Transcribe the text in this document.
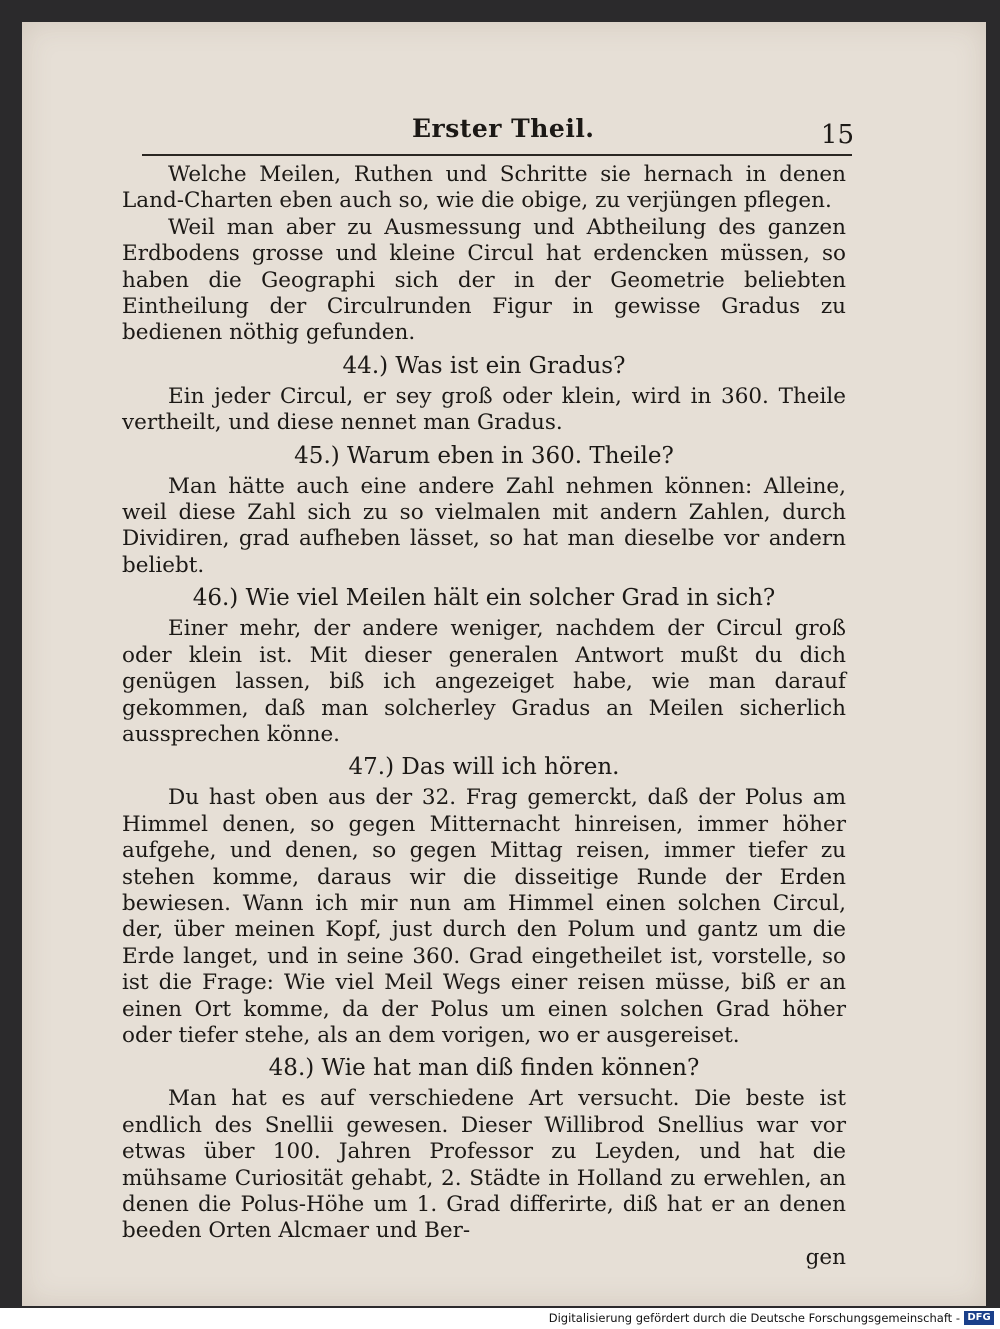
Erster Theil.	15

Welche Meilen, Ruthen und Schritte sie hernach in denen Land-Charten eben auch so, wie die obige, zu verjüngen pflegen.

Weil man aber zu Ausmessung und Abtheilung des ganzen Erdbodens grosse und kleine Circul hat erdencken müssen, so haben die Geographi sich der in der Geometrie beliebten Eintheilung der Circulrunden Figur in gewisse Gradus zu bedienen nöthig gefunden.

44.) Was ist ein Gradus?

Ein jeder Circul, er sey groß oder klein, wird in 360. Theile vertheilt, und diese nennet man Gradus.

45.) Warum eben in 360. Theile?

Man hätte auch eine andere Zahl nehmen können: Alleine, weil diese Zahl sich zu so vielmalen mit andern Zahlen, durch Dividiren, grad aufheben lässet, so hat man dieselbe vor andern beliebt.

46.) Wie viel Meilen hält ein solcher Grad in sich?

Einer mehr, der andere weniger, nachdem der Circul groß oder klein ist. Mit dieser generalen Antwort mußt du dich genügen lassen, biß ich angezeiget habe, wie man darauf gekommen, daß man solcherley Gradus an Meilen sicherlich aussprechen könne.

47.) Das will ich hören.

Du hast oben aus der 32. Frag gemerckt, daß der Polus am Himmel denen, so gegen Mitternacht hinreisen, immer höher aufgehe, und denen, so gegen Mittag reisen, immer tiefer zu stehen komme, daraus wir die disseitige Runde der Erden bewiesen. Wann ich mir nun am Himmel einen solchen Circul, der, über meinen Kopf, just durch den Polum und gantz um die Erde langet, und in seine 360. Grad eingetheilet ist, vorstelle, so ist die Frage: Wie viel Meil Wegs einer reisen müsse, biß er an einen Ort komme, da der Polus um einen solchen Grad höher oder tiefer stehe, als an dem vorigen, wo er ausgereiset.

48.) Wie hat man diß finden können?

Man hat es auf verschiedene Art versucht. Die beste ist endlich des Snellii gewesen. Dieser Willibrod Snellius war vor etwas über 100. Jahren Professor zu Leyden, und hat die mühsame Curiosität gehabt, 2. Städte in Holland zu erwehlen, an denen die Polus-Höhe um 1. Grad differirte, diß hat er an denen beeden Orten Alcmaer und Ber-

gen
Digitalisierung gefördert durch die Deutsche Forschungsgemeinschaft - DFG
